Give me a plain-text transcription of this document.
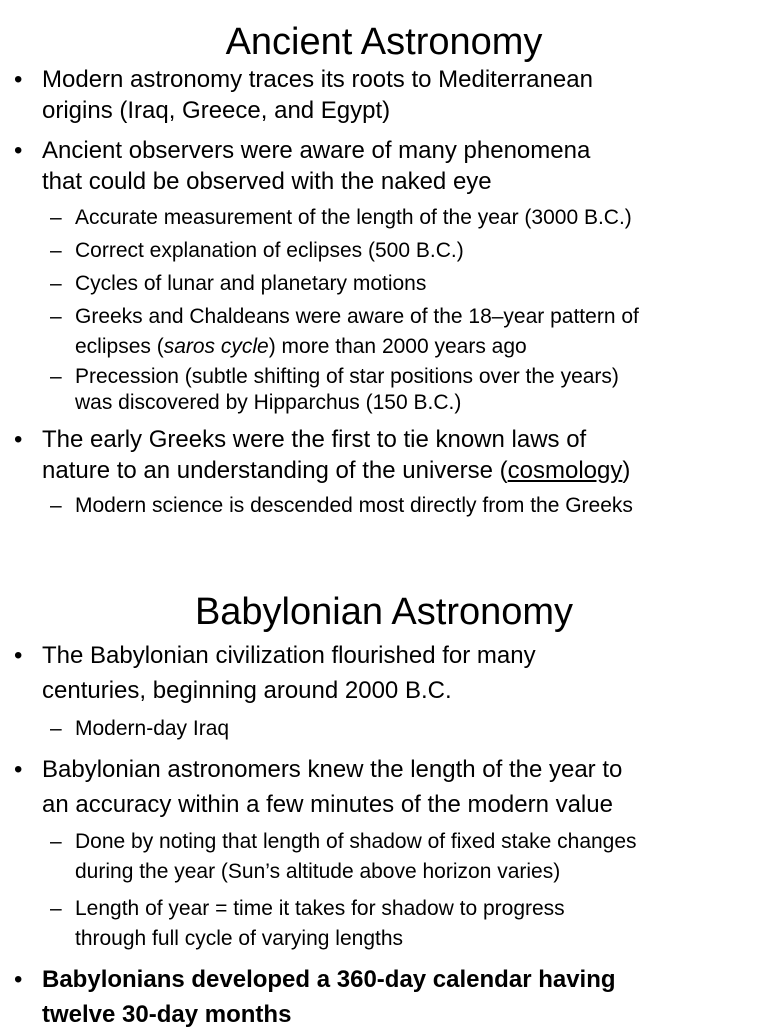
Ancient Astronomy
• Modern astronomy traces its roots to Mediterranean
origins (Iraq, Greece, and Egypt)
• Ancient observers were aware of many phenomena
that could be observed with the naked eye
– Accurate measurement of the length of the year (3000 B.C.)
– Correct explanation of eclipses (500 B.C.)
– Cycles of lunar and planetary motions
– Greeks and Chaldeans were aware of the 18–year pattern of
eclipses (saros cycle) more than 2000 years ago
– Precession (subtle shifting of star positions over the years)
was discovered by Hipparchus (150 B.C.)
• The early Greeks were the first to tie known laws of
nature to an understanding of the universe (cosmology)
– Modern science is descended most directly from the Greeks
Babylonian Astronomy
• The Babylonian civilization flourished for many
centuries, beginning around 2000 B.C.
– Modern-day Iraq
• Babylonian astronomers knew the length of the year to
an accuracy within a few minutes of the modern value
– Done by noting that length of shadow of fixed stake changes
during the year (Sun’s altitude above horizon varies)
– Length of year = time it takes for shadow to progress
through full cycle of varying lengths
• Babylonians developed a 360-day calendar having
twelve 30-day months
